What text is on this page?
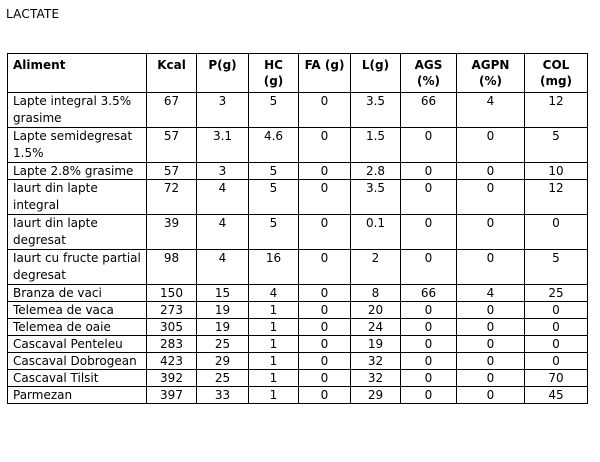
LACTATE
Aliment	Kcal	P(g)	HC (g)	FA (g)	L(g)	AGS (%)	AGPN (%)	COL (mg)
Lapte integral 3.5% grasime	67	3	5	0	3.5	66	4	12
Lapte semidegresat 1.5%	57	3.1	4.6	0	1.5	0	0	5
Lapte 2.8% grasime	57	3	5	0	2.8	0	0	10
Iaurt din lapte integral	72	4	5	0	3.5	0	0	12
Iaurt din lapte degresat	39	4	5	0	0.1	0	0	0
Iaurt cu fructe partial degresat	98	4	16	0	2	0	0	5
Branza de vaci	150	15	4	0	8	66	4	25
Telemea de vaca	273	19	1	0	20	0	0	0
Telemea de oaie	305	19	1	0	24	0	0	0
Cascaval Penteleu	283	25	1	0	19	0	0	0
Cascaval Dobrogean	423	29	1	0	32	0	0	0
Cascaval Tilsit	392	25	1	0	32	0	0	70
Parmezan	397	33	1	0	29	0	0	45
